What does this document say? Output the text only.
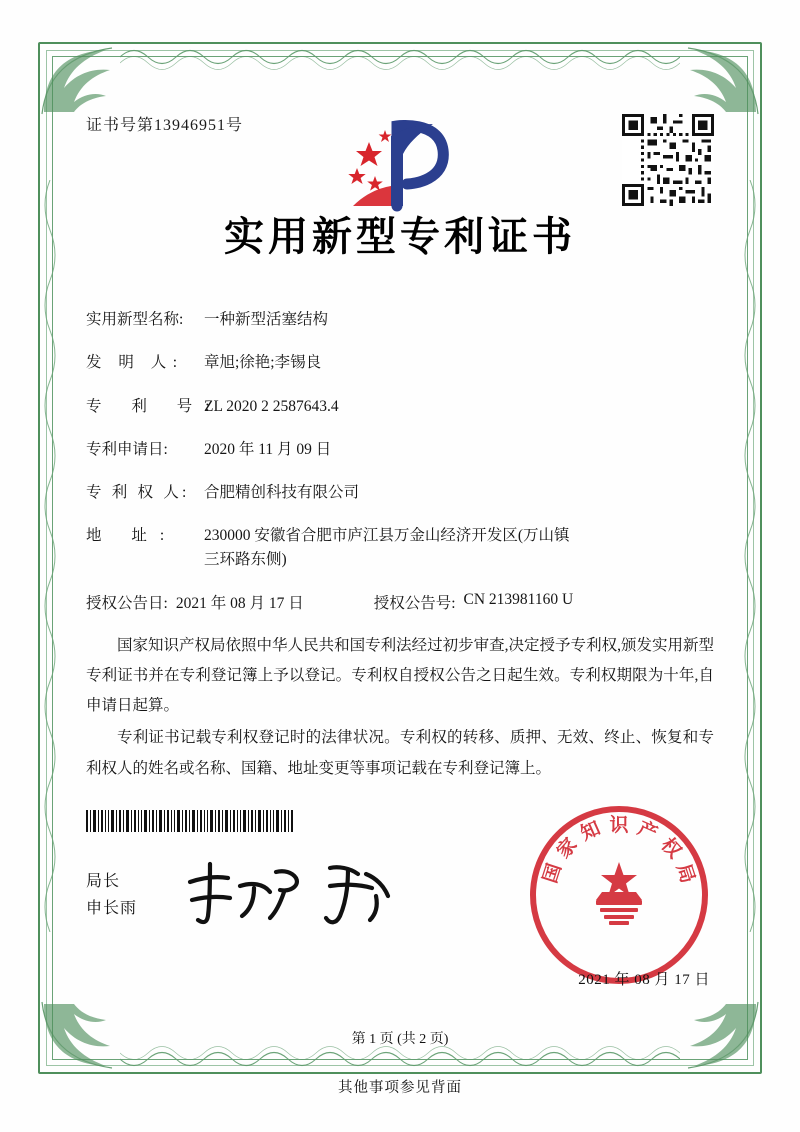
证书号第13946951号
实用新型专利证书
实用新型名称:	一种新型活塞结构
发 明 人:	章旭;徐艳;李锡良
专 利 号:
ZL 2020 2 2587643.4
专利申请日:	2020 年 11 月 09 日
专 利 权 人: 合肥精创科技有限公司
地 址:	230000 安徽省合肥市庐江县万金山经济开发区(万山镇
三环路东侧)
授权公告日: 2021 年 08 月 17 日	授权公告号: CN 213981160 U

国家知识产权局依照中华人民共和国专利法经过初步审查,决定授予专利权,颁发实用新型专利证书并在专利登记簿上予以登记。专利权自授权公告之日起生效。专利权期限为十年,自申请日起算。

专利证书记载专利权登记时的法律状况。专利权的转移、质押、无效、终止、恢复和专利权人的姓名或名称、国籍、地址变更等事项记载在专利登记簿上。

局长
申长雨
国
家
知 识 产
权
局
2021 年 08 月 17 日
第 1 页 (共 2 页)
其他事项参见背面
